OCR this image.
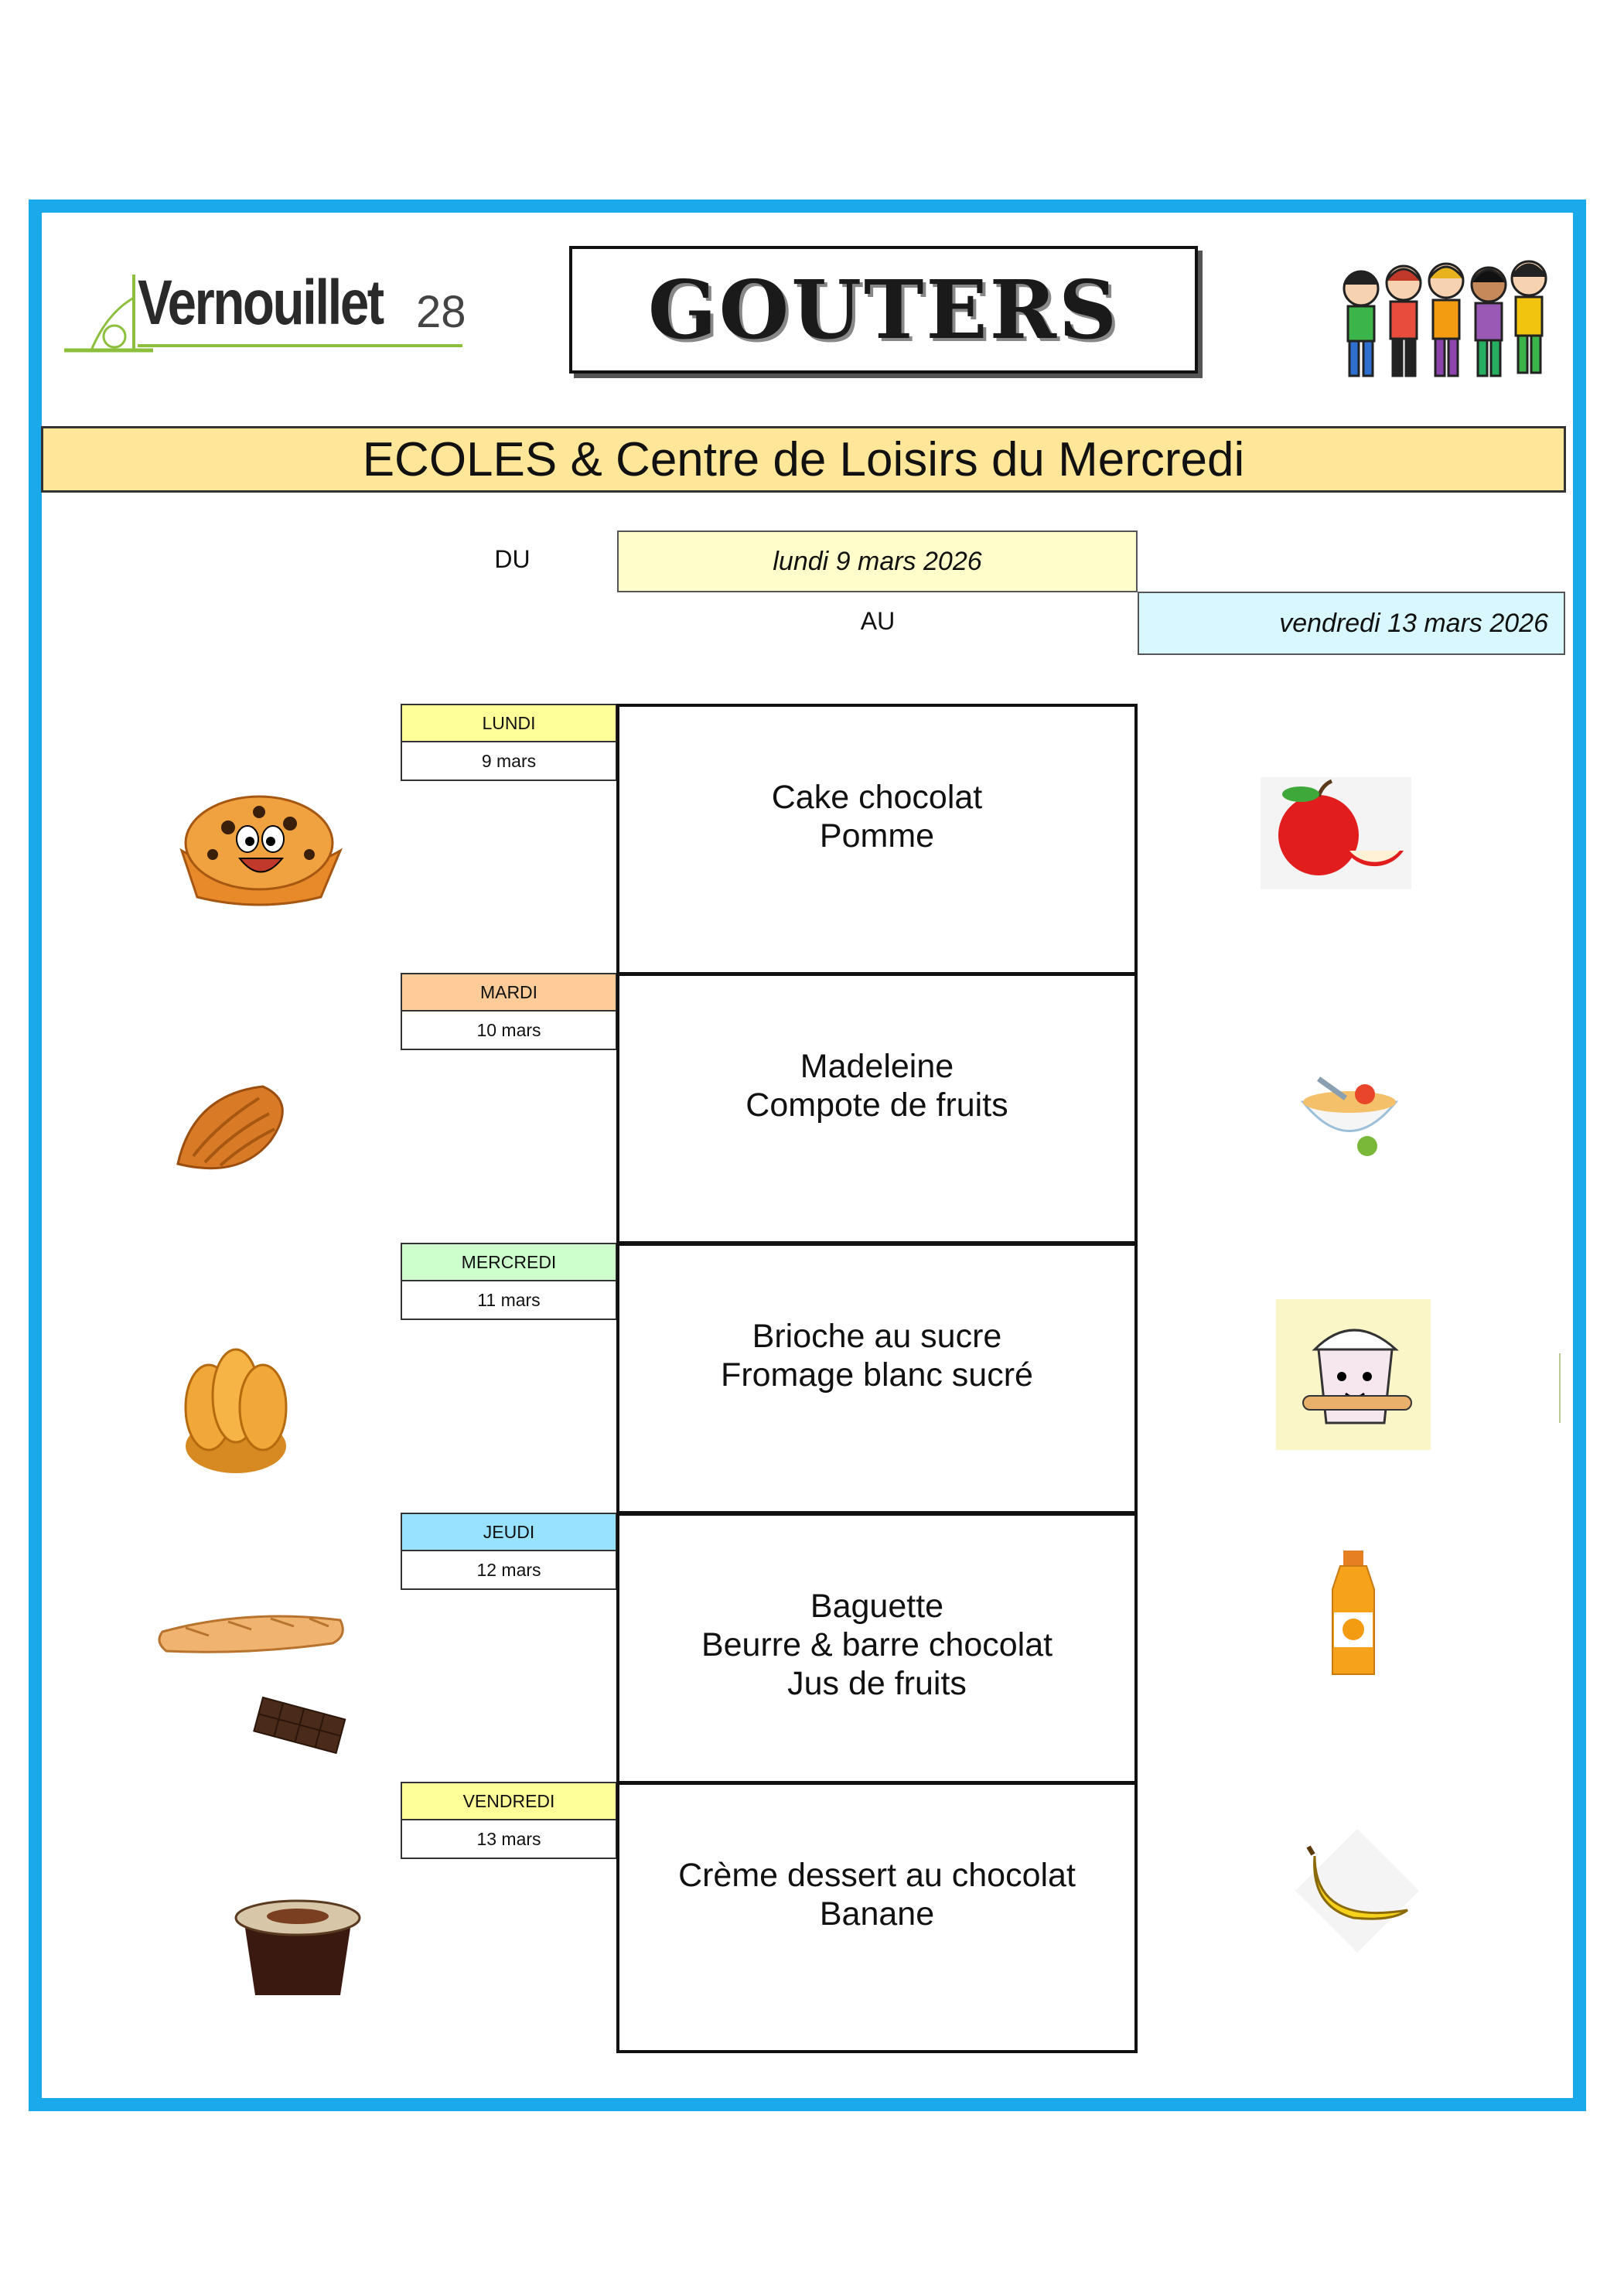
Vernouillet 28 GOUTERS
ECOLES & Centre de Loisirs du Mercredi
DU	lundi 9 mars 2026
AU	vendredi 13 mars 2026
LUNDI
9 mars
Cake chocolat
Pomme
MARDI
10 mars
Madeleine
Compote de fruits
MERCREDI
11 mars
Brioche au sucre
Fromage blanc sucré
JEUDI
12 mars
Baguette
Beurre & barre chocolat
Jus de fruits
VENDREDI
13 mars
Crème dessert au chocolat
Banane
